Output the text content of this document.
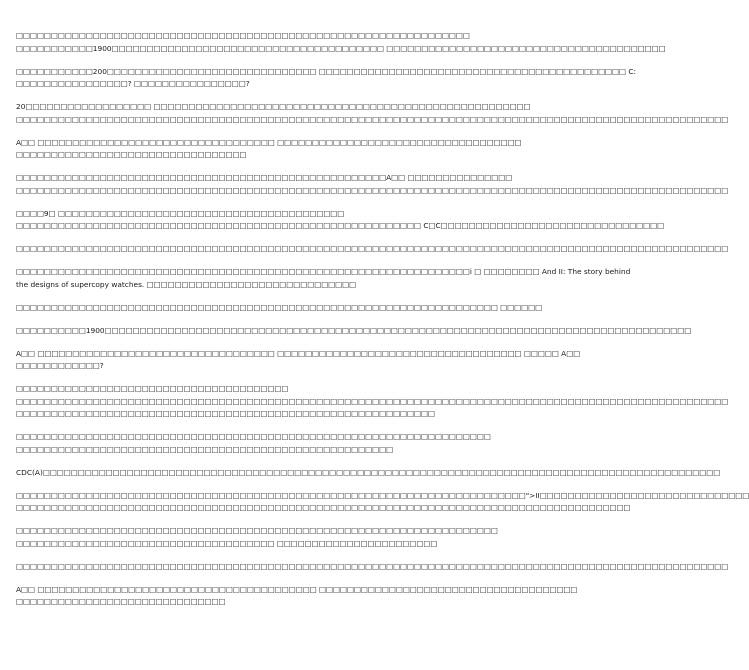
□□□□□□□□□□□□□□□□□□□□□□□□□□□□□□□□□□□□□□□□□□□□□□□□□□□□□□□□□□□□□□□□□
□□□□□□□□□□□1900□□□□□□□□□□□□□□□□□□□□□□□□□□□□□□□□□□□□□□□ □□□□□□□□□□□□□□□□□□□□□□□□□□□□□□□□□□□□□□□□

□□□□□□□□□□□200□□□□□□□□□□□□□□□□□□□□□□□□□□□□□□ □□□□□□□□□□□□□□□□□□□□□□□□□□□□□□□□□□□□□□□□□□□□ C:
□□□□□□□□□□□□□□□□? □□□□□□□□□□□□□□□□?

20□□□□□□□□□□□□□□□□□□ □□□□□□□□□□□□□□□□□□□□□□□□□□□□□□□□□□□□□□□□□□□□□□□□□□□□□□
□□□□□□□□□□□□□□□□□□□□□□□□□□□□□□□□□□□□□□□□□□□□□□□□□□□□□□□□□□□□□□□□□□□□□□□□□□□□□□□□□□□□□□□□□□□□□□□□□□□□□□

A□□ □□□□□□□□□□□□□□□□□□□□□□□□□□□□□□□□□□ □□□□□□□□□□□□□□□□□□□□□□□□□□□□□□□□□□□
□□□□□□□□□□□□□□□□□□□□□□□□□□□□□□□□□

□□□□□□□□□□□□□□□□□□□□□□□□□□□□□□□□□□□□□□□□□□□□□□□□□□□□□A□□ □□□□□□□□□□□□□□□
□□□□□□□□□□□□□□□□□□□□□□□□□□□□□□□□□□□□□□□□□□□□□□□□□□□□□□□□□□□□□□□□□□□□□□□□□□□□□□□□□□□□□□□□□□□□□□□□□□□□□□

□□□□9□ □□□□□□□□□□□□□□□□□□□□□□□□□□□□□□□□□□□□□□□□□
□□□□□□□□□□□□□□□□□□□□□□□□□□□□□□□□□□□□□□□□□□□□□□□□□□□□□□□□□□ C□C□□□□□□□□□□□□□□□□□□□□□□□□□□□□□□□□

□□□□□□□□□□□□□□□□□□□□□□□□□□□□□□□□□□□□□□□□□□□□□□□□□□□□□□□□□□□□□□□□□□□□□□□□□□□□□□□□□□□□□□□□□□□□□□□□□□□□□□

□□□□□□□□□□□□□□□□□□□□□□□□□□□□□□□□□□□□□□□□□□□□□□□□□□□□□□□□□□□□□□□□□i □ □□□□□□□□ And II: The story behind
the designs of supercopy watches. □□□□□□□□□□□□□□□□□□□□□□□□□□□□□□

□□□□□□□□□□□□□□□□□□□□□□□□□□□□□□□□□□□□□□□□□□□□□□□□□□□□□□□□□□□□□□□□□□□□□ □□□□□□

□□□□□□□□□□1900□□□□□□□□□□□□□□□□□□□□□□□□□□□□□□□□□□□□□□□□□□□□□□□□□□□□□□□□□□□□□□□□□□□□□□□□□□□□□□□□□□□□

A□□ □□□□□□□□□□□□□□□□□□□□□□□□□□□□□□□□□□ □□□□□□□□□□□□□□□□□□□□□□□□□□□□□□□□□□□ □□□□□ A□□
□□□□□□□□□□□□?

□□□□□□□□□□□□□□□□□□□□□□□□□□□□□□□□□□□□□□□
□□□□□□□□□□□□□□□□□□□□□□□□□□□□□□□□□□□□□□□□□□□□□□□□□□□□□□□□□□□□□□□□□□□□□□□□□□□□□□□□□□□□□□□□□□□□□□□□□□□□□□
□□□□□□□□□□□□□□□□□□□□□□□□□□□□□□□□□□□□□□□□□□□□□□□□□□□□□□□□□□□□

□□□□□□□□□□□□□□□□□□□□□□□□□□□□□□□□□□□□□□□□□□□□□□□□□□□□□□□□□□□□□□□□□□□□
□□□□□□□□□□□□□□□□□□□□□□□□□□□□□□□□□□□□□□□□□□□□□□□□□□□□□□

CDC(A)□□□□□□□□□□□□□□□□□□□□□□□□□□□□□□□□□□□□□□□□□□□□□□□□□□□□□□□□□□□□□□□□□□□□□□□□□□□□□□□□□□□□□□□□□□□□□□□□□

□□□□□□□□□□□□□□□□□□□□□□□□□□□□□□□□□□□□□□□□□□□□□□□□□□□□□□□□□□□□□□□□□□□□□□□□□">II□□□□□□□□□□□□□□□□□□□□□□□□□□□□□□
□□□□□□□□□□□□□□□□□□□□□□□□□□□□□□□□□□□□□□□□□□□□□□□□□□□□□□□□□□□□□□□□□□□□□□□□□□□□□□□□□□□□□□□□

□□□□□□□□□□□□□□□□□□□□□□□□□□□□□□□□□□□□□□□□□□□□□□□□□□□□□□□□□□□□□□□□□□□□□
□□□□□□□□□□□□□□□□□□□□□□□□□□□□□□□□□□□□□ □□□□□□□□□□□□□□□□□□□□□□□

□□□□□□□□□□□□□□□□□□□□□□□□□□□□□□□□□□□□□□□□□□□□□□□□□□□□□□□□□□□□□□□□□□□□□□□□□□□□□□□□□□□□□□□□□□□□□□□□□□□□□□

A□□ □□□□□□□□□□□□□□□□□□□□□□□□□□□□□□□□□□□□□□□□ □□□□□□□□□□□□□□□□□□□□□□□□□□□□□□□□□□□□□
□□□□□□□□□□□□□□□□□□□□□□□□□□□□□□
